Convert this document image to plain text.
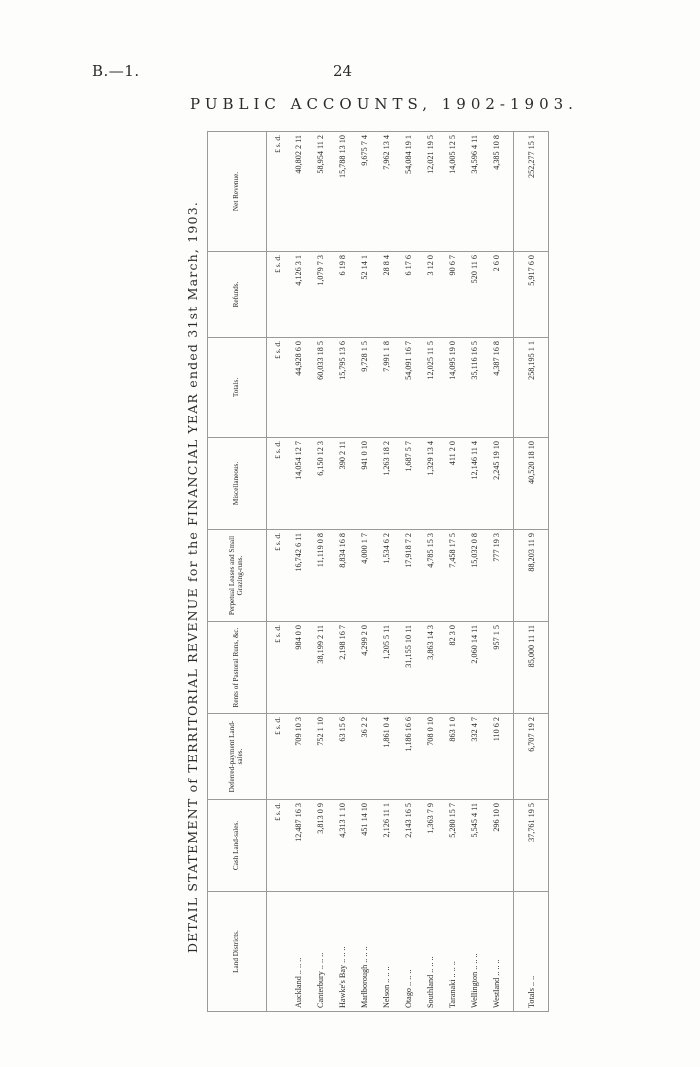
B.—1.	24
PUBLIC ACCOUNTS, 1902-1903.
DETAIL STATEMENT of TERRITORIAL REVENUE for the FINANCIAL YEAR ended 31st March, 1903.	Land Districts.	Cash Land-sales.	Deferred-payment Land-sales.	Rents of Pastoral Runs, &c.	Perpetual Leases and Small Grazing-runs.	Miscellaneous.	Totals.	Refunds.	Net Revenue.
	£ s. d.	£ s. d.	£ s. d.	£ s. d.	£ s. d.	£ s. d.	£ s. d.	£ s. d.
Auckland .. .. ..	12,487 16 3	709 10 3	984 0 0	16,742 6 11	14,054 12 7	44,928 6 0	4,126 3 1	40,802 2 11
Canterbury .. .. ..	3,813 0 9	752 1 10	38,199 2 11	11,119 0 8	6,150 12 3	60,033 18 5	1,079 7 3	58,954 11 2
Hawke's Bay .. .. ..	4,313 1 10	63 15 6	2,198 16 7	8,834 16 8	390 2 11	15,795 13 6	6 19 8	15,788 13 10
Marlborough .. .. ..	451 14 10	36 2 2	4,299 2 0	4,000 1 7	941 0 10	9,728 1 5	52 14 1	9,675 7 4
Nelson .. .. ..	2,126 11 1	1,861 0 4	1,205 5 11	1,534 6 2	1,263 18 2	7,991 1 8	28 8 4	7,962 13 4
Otago .. .. ..	2,143 16 5	1,186 16 6	31,155 10 11	17,918 7 2	1,687 5 7	54,091 16 7	6 17 6	54,084 19 1
Southland .. .. ..	1,363 7 9	708 0 10	3,863 14 3	4,785 15 3	1,329 13 4	12,025 11 5	3 12 0	12,021 19 5
Taranaki .. .. ..	5,280 15 7	863 1 0	82 3 0	7,458 17 5	411 2 0	14,095 19 0	90 6 7	14,005 12 5
Wellington .. .. ..	5,545 4 11	332 4 7	2,060 14 11	15,032 0 8	12,146 11 4	35,116 16 5	520 11 6	34,596 4 11
Westland .. .. ..	296 10 0	110 6 2	957 1 5	777 19 3	2,245 19 10	4,387 16 8	2 6 0	4,385 10 8

Totals .. ..	37,761 19 5	6,707 19 2	85,000 11 11	88,203 11 9	40,520 18 10	258,195 1 1	5,917 6 0	252,277 15 1
